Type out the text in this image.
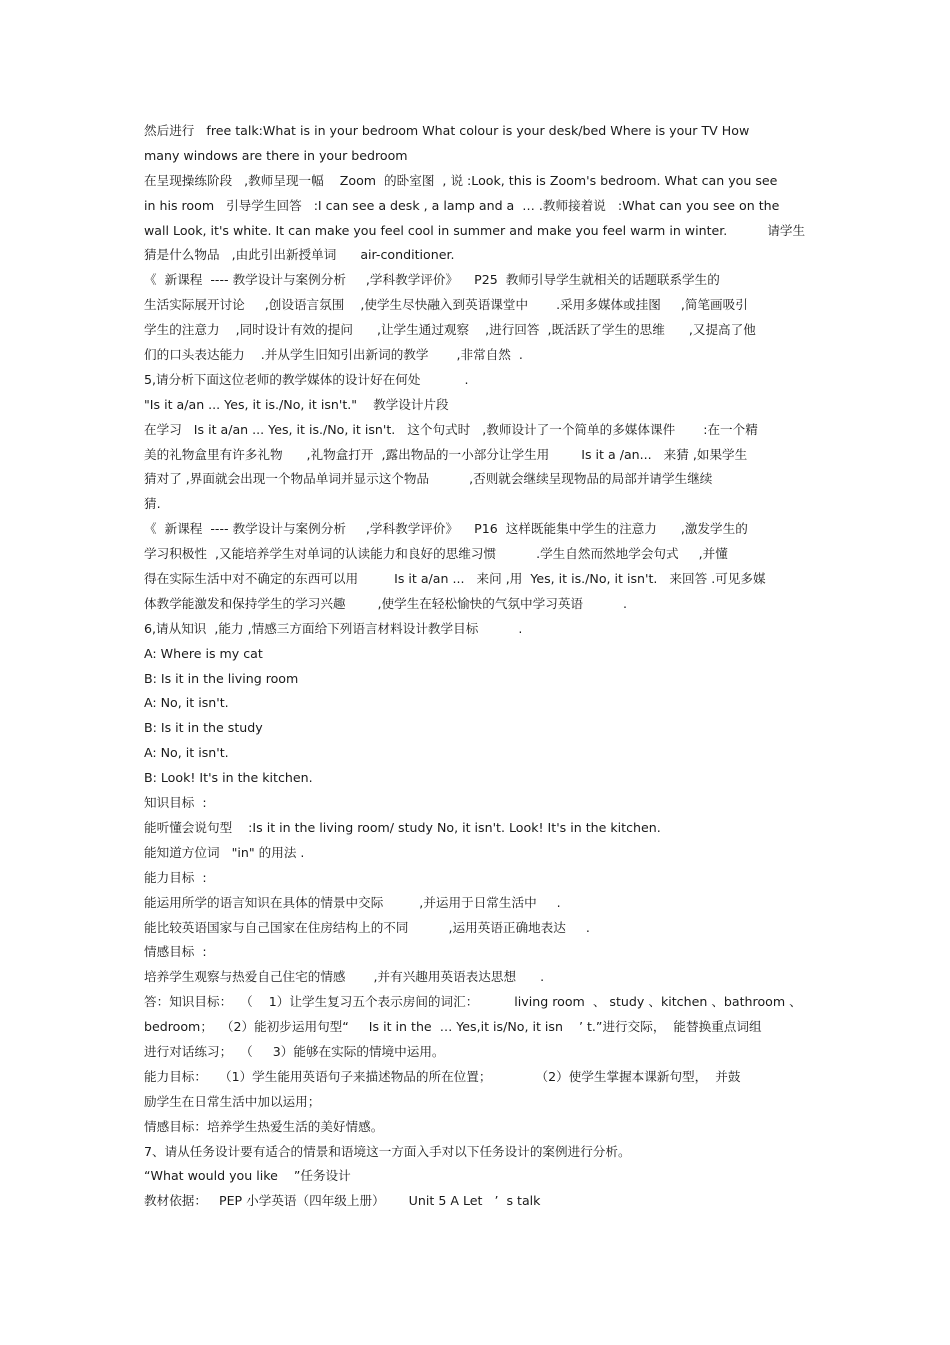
然后进行   free talk:What is in your bedroom What colour is your desk/bed Where is your TV How
many windows are there in your bedroom
在呈现操练阶段   ,教师呈现一幅    Zoom  的卧室图  , 说 :Look, this is Zoom's bedroom. What can you see
in his room   引导学生回答   :I can see a desk , a lamp and a  … .教师接着说   :What can you see on the
wall Look, it's white. It can make you feel cool in summer and make you feel warm in winter.          请学生
猜是什么物品   ,由此引出新授单词      air-conditioner.
《  新课程  ---- 教学设计与案例分析     ,学科教学评价》    P25  教师引导学生就相关的话题联系学生的
生活实际展开讨论     ,创设语言氛围    ,使学生尽快融入到英语课堂中       .采用多媒体或挂图     ,简笔画吸引
学生的注意力    ,同时设计有效的提问      ,让学生通过观察    ,进行回答  ,既活跃了学生的思维      ,又提高了他
们的口头表达能力    .并从学生旧知引出新词的教学       ,非常自然  .
5,请分析下面这位老师的教学媒体的设计好在何处           .
"Is it a/an ... Yes, it is./No, it isn't."    教学设计片段
在学习   Is it a/an ... Yes, it is./No, it isn't.   这个句式时   ,教师设计了一个简单的多媒体课件       :在一个精
美的礼物盒里有许多礼物      ,礼物盒打开  ,露出物品的一小部分让学生用        Is it a /an...   来猜 ,如果学生
猜对了 ,界面就会出现一个物品单词并显示这个物品          ,否则就会继续呈现物品的局部并请学生继续
猜.
《  新课程  ---- 教学设计与案例分析     ,学科教学评价》    P16  这样既能集中学生的注意力      ,激发学生的
学习积极性  ,又能培养学生对单词的认读能力和良好的思维习惯          .学生自然而然地学会句式     ,并懂
得在实际生活中对不确定的东西可以用         Is it a/an ...   来问 ,用  Yes, it is./No, it isn't.   来回答 .可见多媒
体教学能激发和保持学生的学习兴趣        ,使学生在轻松愉快的气氛中学习英语          .
6,请从知识  ,能力 ,情感三方面给下列语言材料设计教学目标          .
A: Where is my cat
B: Is it in the living room
A: No, it isn't.
B: Is it in the study
A: No, it isn't.
B: Look! It's in the kitchen.
知识目标  :
能听懂会说句型    :Is it in the living room/ study No, it isn't. Look! It's in the kitchen.
能知道方位词   "in" 的用法 .
能力目标  :
能运用所学的语言知识在具体的情景中交际         ,并运用于日常生活中     .
能比较英语国家与自己国家在住房结构上的不同          ,运用英语正确地表达     .
情感目标  :
培养学生观察与热爱自己住宅的情感       ,并有兴趣用英语表达思想      .
答：知识目标：  （    1）让学生复习五个表示房间的词汇：         living room  、 study 、kitchen 、bathroom 、
bedroom；  （2）能初步运用句型“     Is it in the  … Yes,it is/No, it isn    ’ t.”进行交际，  能替换重点词组
进行对话练习；  （     3）能够在实际的情境中运用。
能力目标：   （1）学生能用英语句子来描述物品的所在位置；           （2）使学生掌握本课新句型，  并鼓
励学生在日常生活中加以运用；
情感目标：培养学生热爱生活的美好情感。
7、请从任务设计要有适合的情景和语境这一方面入手对以下任务设计的案例进行分析。
“What would you like    ”任务设计
教材依据：   PEP 小学英语（四年级上册）      Unit 5 A Let   ’  s talk
